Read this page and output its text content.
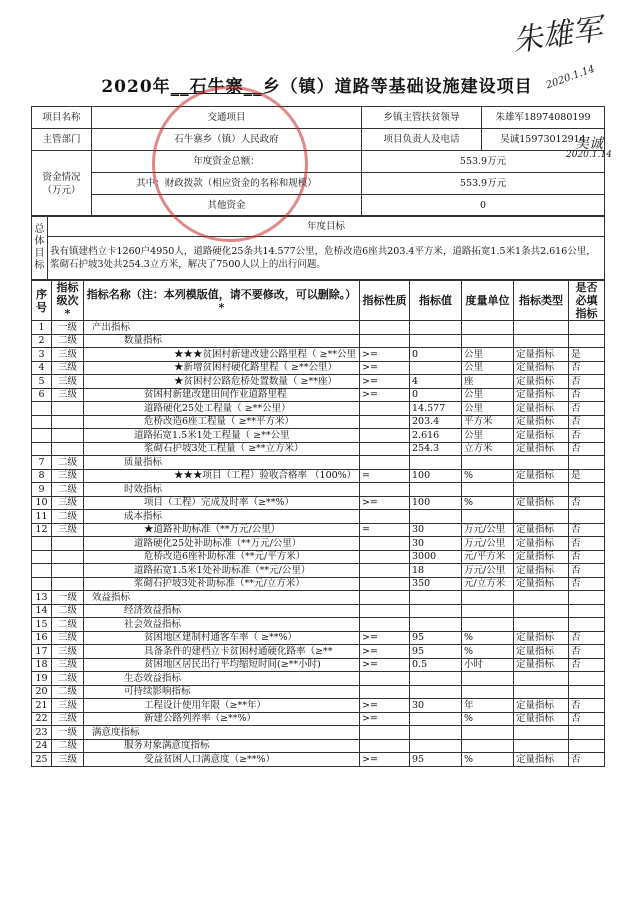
朱雄军
2020.1.14
吴诚
2020.1.14
2020年__石牛寨__乡（镇）道路等基础设施建设项目
项目名称	交通项目	乡镇主管扶贫领导	朱雄军18974080199
主管部门	石牛寨乡（镇）人民政府	项目负责人及电话	吴诚15973012914
资金情况（万元）	年度资金总额：	553.9万元	
	其中：财政拨款（相应资金的名称和规模）	553.9万元	
	其他资金	0	
总体目标	年度目标
我有镇建档立卡1260户4950人，道路硬化25条共14.577公里，危桥改造6座共203.4平方米，道路拓宽1.5米1条共2.616公里，浆砌石护坡3处共254.3立方米，解决了7500人以上的出行问题。
序号	指标级次*	指标名称（注：本列模版值，请不要修改，可以删除。）*	指标性质	指标值	度量单位	指标类型	是否必填指标
1	一级	产出指标					
2	二级	数量指标					
3	三级	★★★贫困村新建改建公路里程（ ≥**公里	>=	0	公里	定量指标	是
4	三级	★新增贫困村硬化路里程（ ≥**公里）	>=		公里	定量指标	否
5	三级	★贫困村公路危桥处置数量（ ≥**座）	>=	4	座	定量指标	否
6	三级	贫困村新建改建田间作业道路里程	>=	0	公里	定量指标	否
		道路硬化25处工程量（ ≥**公里）		14.577	公里	定量指标	否
		危桥改造6座工程量（ ≥**平方米）		203.4	平方米	定量指标	否
		道路拓宽1.5米1处工程量（ ≥**公里		2.616	公里	定量指标	否
		浆砌石护坡3处工程量（ ≥**立方米）		254.3	立方米	定量指标	否
7	二级	质量指标					
8	三级	★★★项目（工程）验收合格率 （100%）	=	100	%	定量指标	是
9	二级	时效指标					
10	三级	项目（工程）完成及时率（≥**%）	>=	100	%	定量指标	否
11	二级	成本指标					
12	三级	★道路补助标准（**万元/公里）	=	30	万元/公里	定量指标	否
		道路硬化25处补助标准（**万元/公里）		30	万元/公里	定量指标	否
		危桥改造6座补助标准（**元/平方米）		3000	元/平方米	定量指标	否
		道路拓宽1.5米1处补助标准（**元/公里）		18	万元/公里	定量指标	否
		浆砌石护坡3处补助标准（**元/立方米）		350	元/立方米	定量指标	否
13	一级	效益指标					
14	二级	经济效益指标					
15	二级	社会效益指标					
16	三级	贫困地区建制村通客车率（ ≥**%）	>=	95	%	定量指标	否
17	三级	具备条件的建档立卡贫困村通硬化路率（≥**	>=	95	%	定量指标	否
18	三级	贫困地区居民出行平均缩短时间(≥**小时)	>=	0.5	小时	定量指标	否
19	二级	生态效益指标					
20	二级	可持续影响指标					
21	三级	工程设计使用年限（≥**年）	>=	30	年	定量指标	否
22	三级	新建公路列养率（≥**%）	>=		%	定量指标	否
23	一级	满意度指标					
24	二级	服务对象满意度指标					
25	三级	受益贫困人口满意度（≥**%）	>=	95	%	定量指标	否
